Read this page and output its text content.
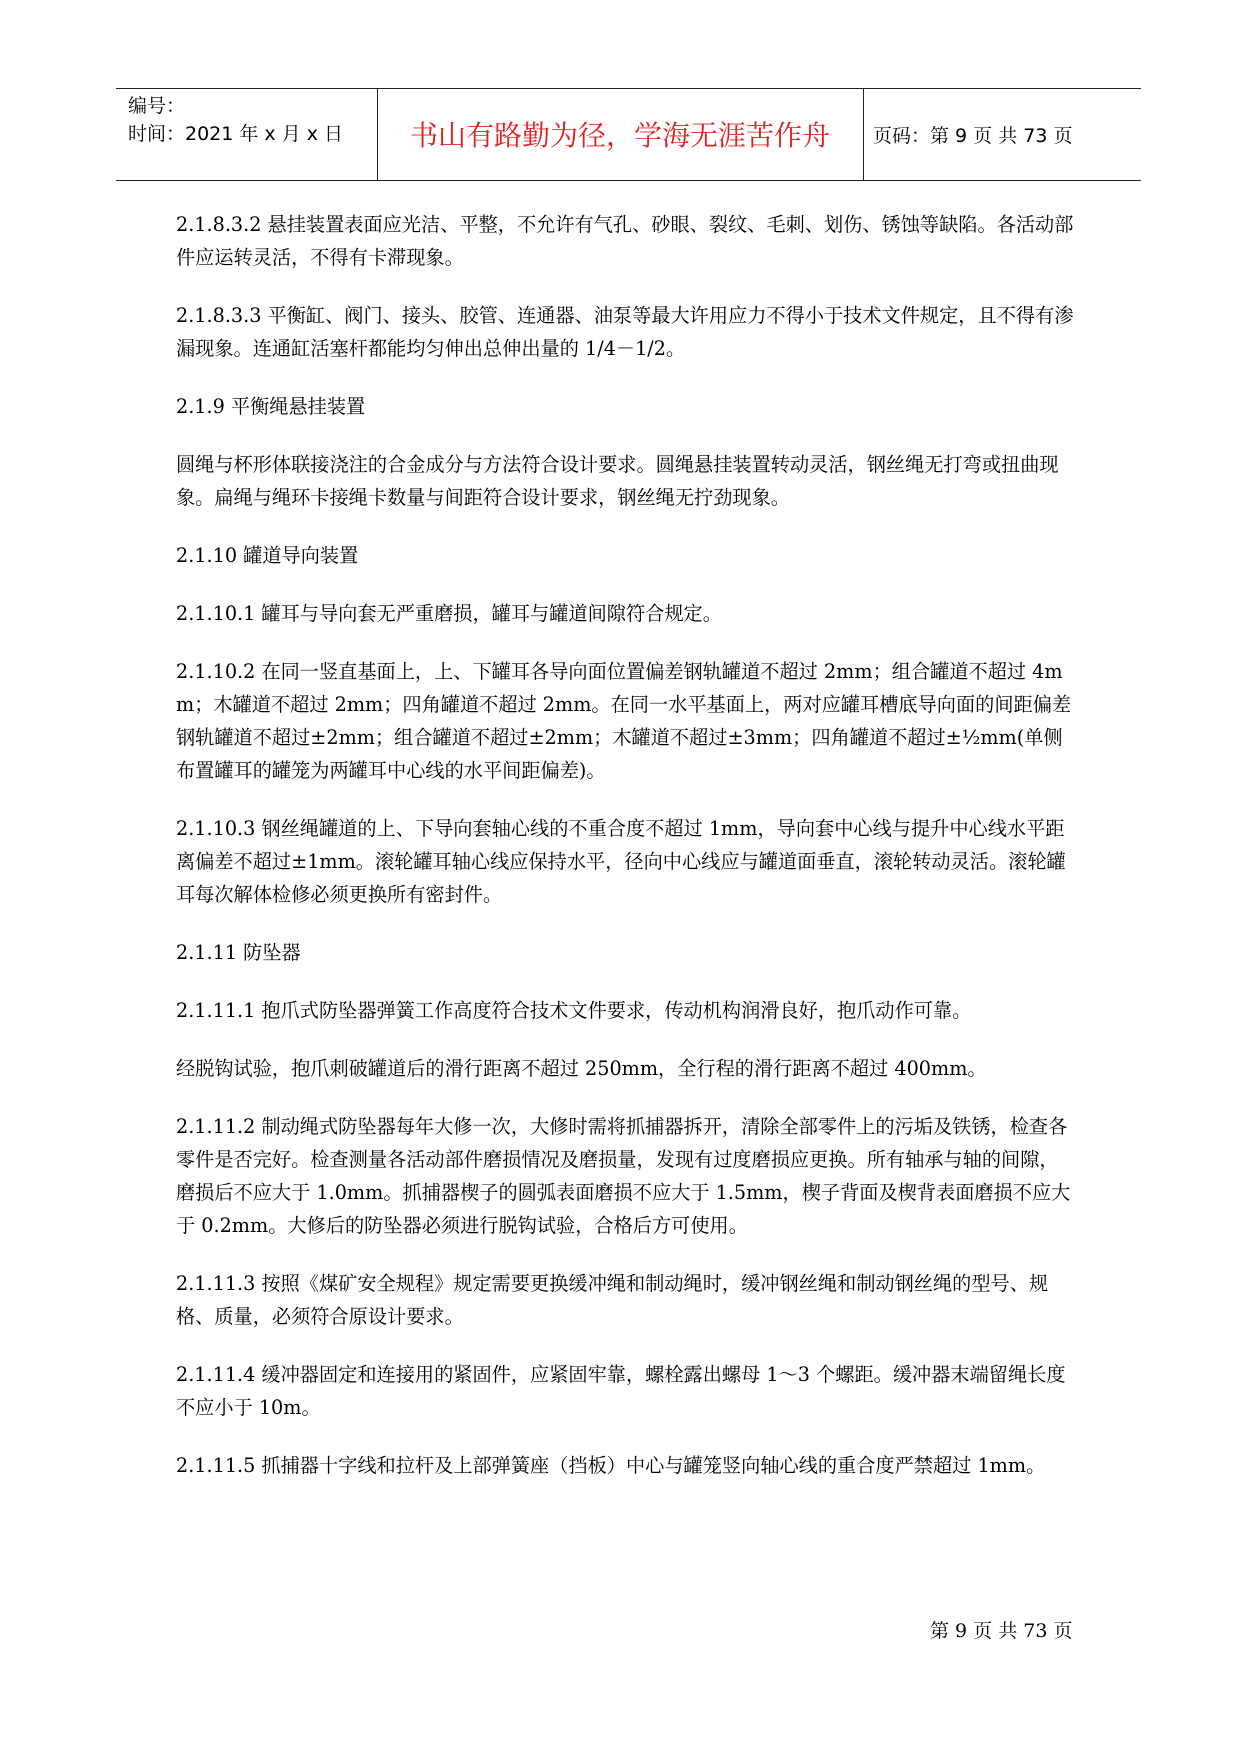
编号：
时间：2021 年 x 月 x 日	书山有路勤为径，学海无涯苦作舟	页码：第 9 页 共 73 页

2.1.8.3.2 悬挂装置表面应光洁、平整，不允许有气孔、砂眼、裂纹、毛刺、划伤、锈蚀等缺陷。各活动部件应运转灵活，不得有卡滞现象。

2.1.8.3.3 平衡缸、阀门、接头、胶管、连通器、油泵等最大许用应力不得小于技术文件规定，且不得有渗漏现象。连通缸活塞杆都能均匀伸出总伸出量的 1/4－1/2。

2.1.9 平衡绳悬挂装置

圆绳与杯形体联接浇注的合金成分与方法符合设计要求。圆绳悬挂装置转动灵活，钢丝绳无打弯或扭曲现象。扁绳与绳环卡接绳卡数量与间距符合设计要求，钢丝绳无拧劲现象。

2.1.10 罐道导向装置

2.1.10.1 罐耳与导向套无严重磨损，罐耳与罐道间隙符合规定。

2.1.10.2 在同一竖直基面上，上、下罐耳各导向面位置偏差钢轨罐道不超过 2mm；组合罐道不超过 4mm；木罐道不超过 2mm；四角罐道不超过 2mm。在同一水平基面上，两对应罐耳槽底导向面的间距偏差钢轨罐道不超过±2mm；组合罐道不超过±2mm；木罐道不超过±3mm；四角罐道不超过±½mm(单侧布置罐耳的罐笼为两罐耳中心线的水平间距偏差)。

2.1.10.3 钢丝绳罐道的上、下导向套轴心线的不重合度不超过 1mm，导向套中心线与提升中心线水平距离偏差不超过±1mm。滚轮罐耳轴心线应保持水平，径向中心线应与罐道面垂直，滚轮转动灵活。滚轮罐耳每次解体检修必须更换所有密封件。

2.1.11 防坠器

2.1.11.1 抱爪式防坠器弹簧工作高度符合技术文件要求，传动机构润滑良好，抱爪动作可靠。

经脱钩试验，抱爪刺破罐道后的滑行距离不超过 250mm，全行程的滑行距离不超过 400mm。

2.1.11.2 制动绳式防坠器每年大修一次，大修时需将抓捕器拆开，清除全部零件上的污垢及铁锈，检查各零件是否完好。检查测量各活动部件磨损情况及磨损量，发现有过度磨损应更换。所有轴承与轴的间隙，磨损后不应大于 1.0mm。抓捕器楔子的圆弧表面磨损不应大于 1.5mm，楔子背面及楔背表面磨损不应大于 0.2mm。大修后的防坠器必须进行脱钩试验，合格后方可使用。

2.1.11.3 按照《煤矿安全规程》规定需要更换缓冲绳和制动绳时，缓冲钢丝绳和制动钢丝绳的型号、规格、质量，必须符合原设计要求。

2.1.11.4 缓冲器固定和连接用的紧固件，应紧固牢靠，螺栓露出螺母 1～3 个螺距。缓冲器末端留绳长度不应小于 10m。

2.1.11.5 抓捕器十字线和拉杆及上部弹簧座（挡板）中心与罐笼竖向轴心线的重合度严禁超过 1mm。

第 9 页 共 73 页
